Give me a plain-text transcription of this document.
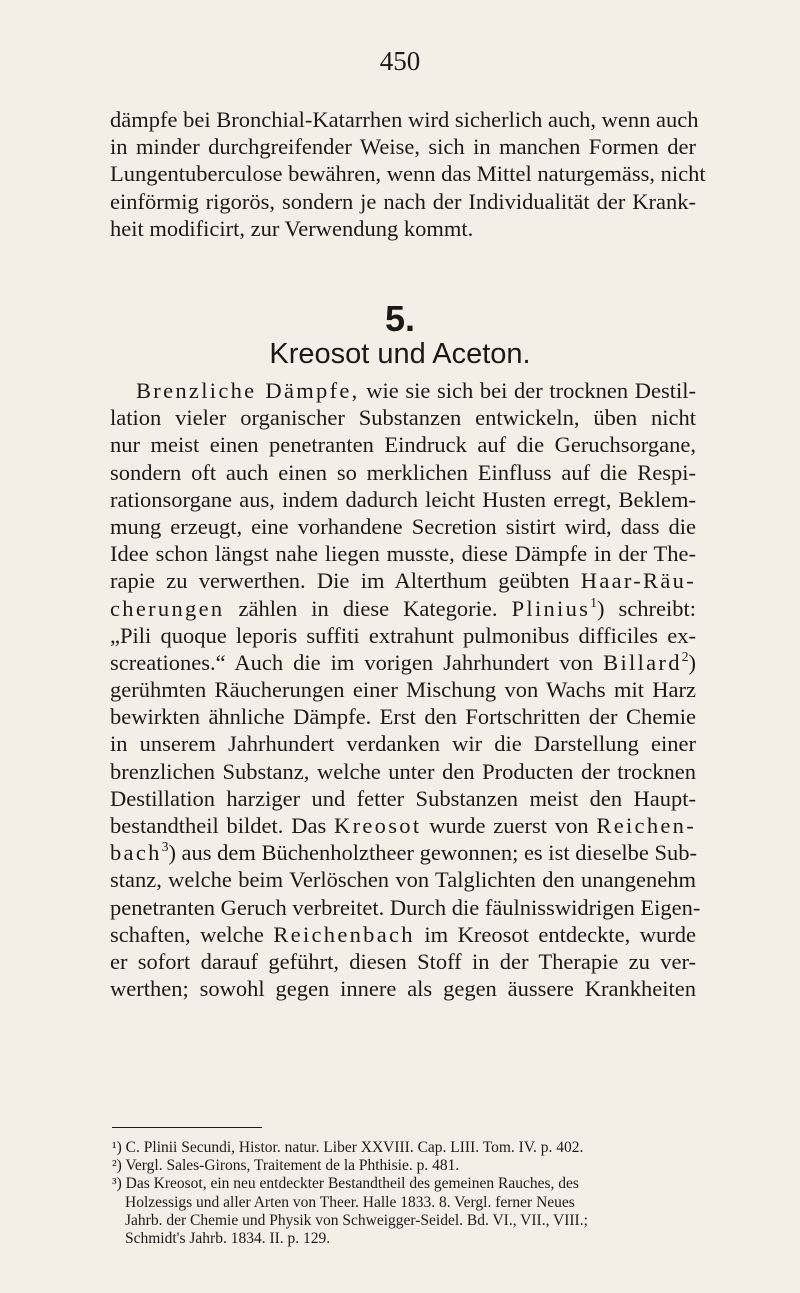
450
dämpfe bei Bronchial-Katarrhen wird sicherlich auch, wenn auch
in minder durchgreifender Weise, sich in manchen Formen der
Lungentuberculose bewähren, wenn das Mittel naturgemäss, nicht
einförmig rigorös, sondern je nach der Individualität der Krank-
heit modificirt, zur Verwendung kommt.
5.
Kreosot und Aceton.
Brenzliche Dämpfe, wie sie sich bei der trocknen Destil-
lation vieler organischer Substanzen entwickeln, üben nicht
nur meist einen penetranten Eindruck auf die Geruchsorgane,
sondern oft auch einen so merklichen Einfluss auf die Respi-
rationsorgane aus, indem dadurch leicht Husten erregt, Beklem-
mung erzeugt, eine vorhandene Secretion sistirt wird, dass die
Idee schon längst nahe liegen musste, diese Dämpfe in der The-
rapie zu verwerthen. Die im Alterthum geübten Haar-Räu-
cherungen zählen in diese Kategorie. Plinius$^1$) schreibt:
„Pili quoque leporis suffiti extrahunt pulmonibus difficiles ex-
screationes.“ Auch die im vorigen Jahrhundert von Billard$^2$)
gerühmten Räucherungen einer Mischung von Wachs mit Harz
bewirkten ähnliche Dämpfe. Erst den Fortschritten der Chemie
in unserem Jahrhundert verdanken wir die Darstellung einer
brenzlichen Substanz, welche unter den Producten der trocknen
Destillation harziger und fetter Substanzen meist den Haupt-
bestandtheil bildet. Das Kreosot wurde zuerst von Reichen-
bach$^3$) aus dem Büchenholztheer gewonnen; es ist dieselbe Sub-
stanz, welche beim Verlöschen von Talglichten den unangenehm
penetranten Geruch verbreitet. Durch die fäulnisswidrigen Eigen-
schaften, welche Reichenbach im Kreosot entdeckte, wurde
er sofort darauf geführt, diesen Stoff in der Therapie zu ver-
werthen; sowohl gegen innere als gegen äussere Krankheiten
¹) C. Plinii Secundi, Histor. natur. Liber XXVIII. Cap. LIII. Tom. IV. p. 402.
²) Vergl. Sales-Girons, Traitement de la Phthisie. p. 481.
³) Das Kreosot, ein neu entdeckter Bestandtheil des gemeinen Rauches, des
Holzessigs und aller Arten von Theer. Halle 1833. 8. Vergl. ferner Neues
Jahrb. der Chemie und Physik von Schweigger-Seidel. Bd. VI., VII., VIII.;
Schmidt's Jahrb. 1834. II. p. 129.
